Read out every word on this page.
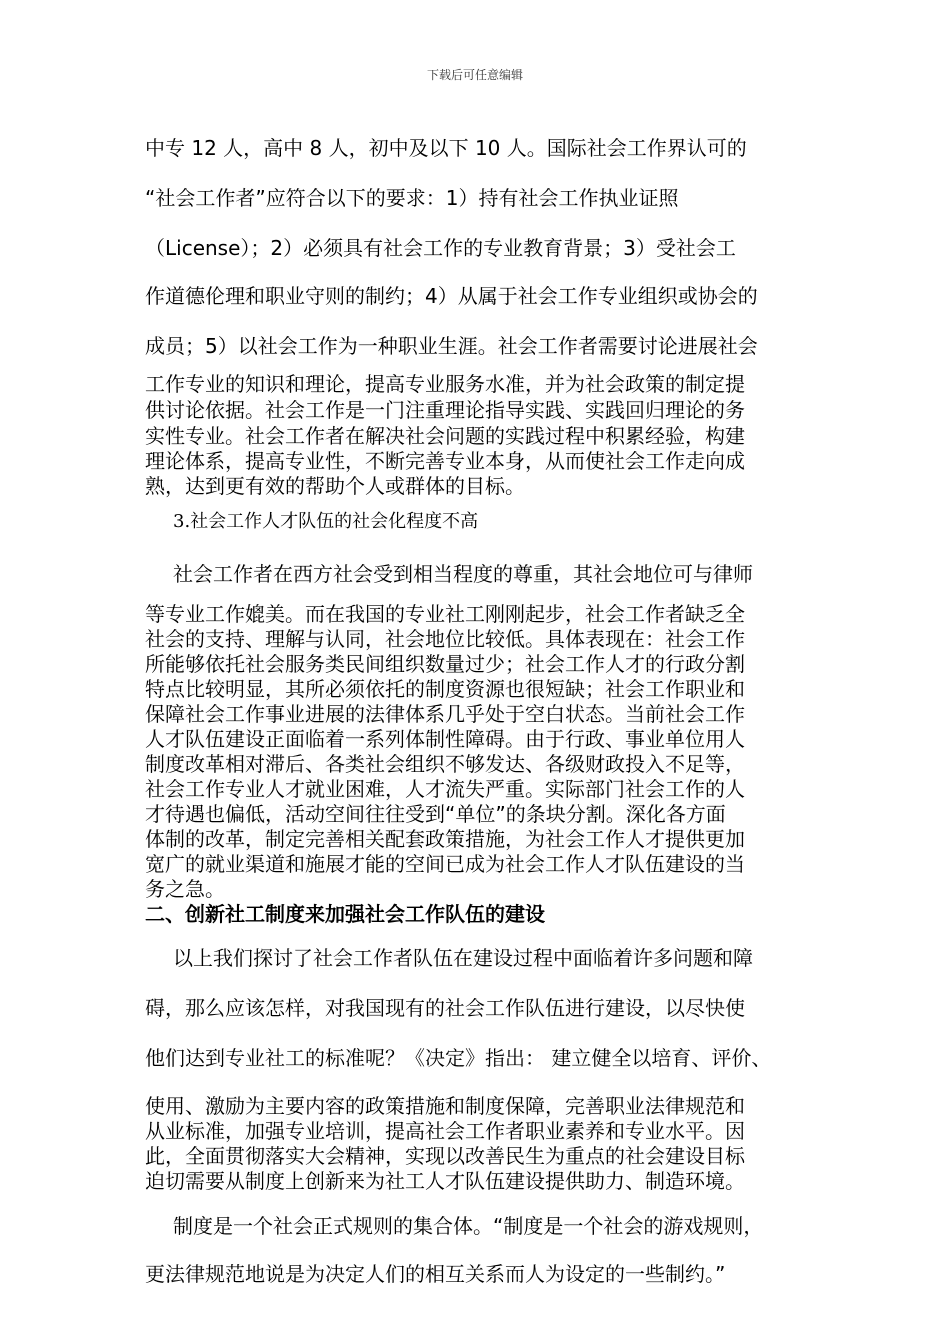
下载后可任意编辑
中专 12 人，高中 8 人，初中及以下 10 人。国际社会工作界认可的
“社会工作者”应符合以下的要求：1）持有社会工作执业证照
（License）；2）必须具有社会工作的专业教育背景；3）受社会工
作道德伦理和职业守则的制约；4）从属于社会工作专业组织或协会的
成员；5）以社会工作为一种职业生涯。社会工作者需要讨论进展社会
工作专业的知识和理论，提高专业服务水准，并为社会政策的制定提
供讨论依据。社会工作是一门注重理论指导实践、实践回归理论的务
实性专业。社会工作者在解决社会问题的实践过程中积累经验，构建
理论体系，提高专业性，不断完善专业本身，从而使社会工作走向成
熟，达到更有效的帮助个人或群体的目标。
3.社会工作人才队伍的社会化程度不高
社会工作者在西方社会受到相当程度的尊重，其社会地位可与律师
等专业工作媲美。而在我国的专业社工刚刚起步，社会工作者缺乏全
社会的支持、理解与认同，社会地位比较低。具体表现在：社会工作
所能够依托社会服务类民间组织数量过少；社会工作人才的行政分割
特点比较明显，其所必须依托的制度资源也很短缺；社会工作职业和
保障社会工作事业进展的法律体系几乎处于空白状态。当前社会工作
人才队伍建设正面临着一系列体制性障碍。由于行政、事业单位用人
制度改革相对滞后、各类社会组织不够发达、各级财政投入不足等，
社会工作专业人才就业困难，人才流失严重。实际部门社会工作的人
才待遇也偏低，活动空间往往受到“单位”的条块分割。深化各方面
体制的改革，制定完善相关配套政策措施，为社会工作人才提供更加
宽广的就业渠道和施展才能的空间已成为社会工作人才队伍建设的当
务之急。
二、创新社工制度来加强社会工作队伍的建设
以上我们探讨了社会工作者队伍在建设过程中面临着许多问题和障
碍，那么应该怎样，对我国现有的社会工作队伍进行建设，以尽快使
他们达到专业社工的标准呢？《决定》指出： 建立健全以培育、评价、
使用、激励为主要内容的政策措施和制度保障，完善职业法律规范和
从业标准，加强专业培训，提高社会工作者职业素养和专业水平。因
此，全面贯彻落实大会精神，实现以改善民生为重点的社会建设目标
迫切需要从制度上创新来为社工人才队伍建设提供助力、制造环境。
制度是一个社会正式规则的集合体。“制度是一个社会的游戏规则，
更法律规范地说是为决定人们的相互关系而人为设定的一些制约。”
